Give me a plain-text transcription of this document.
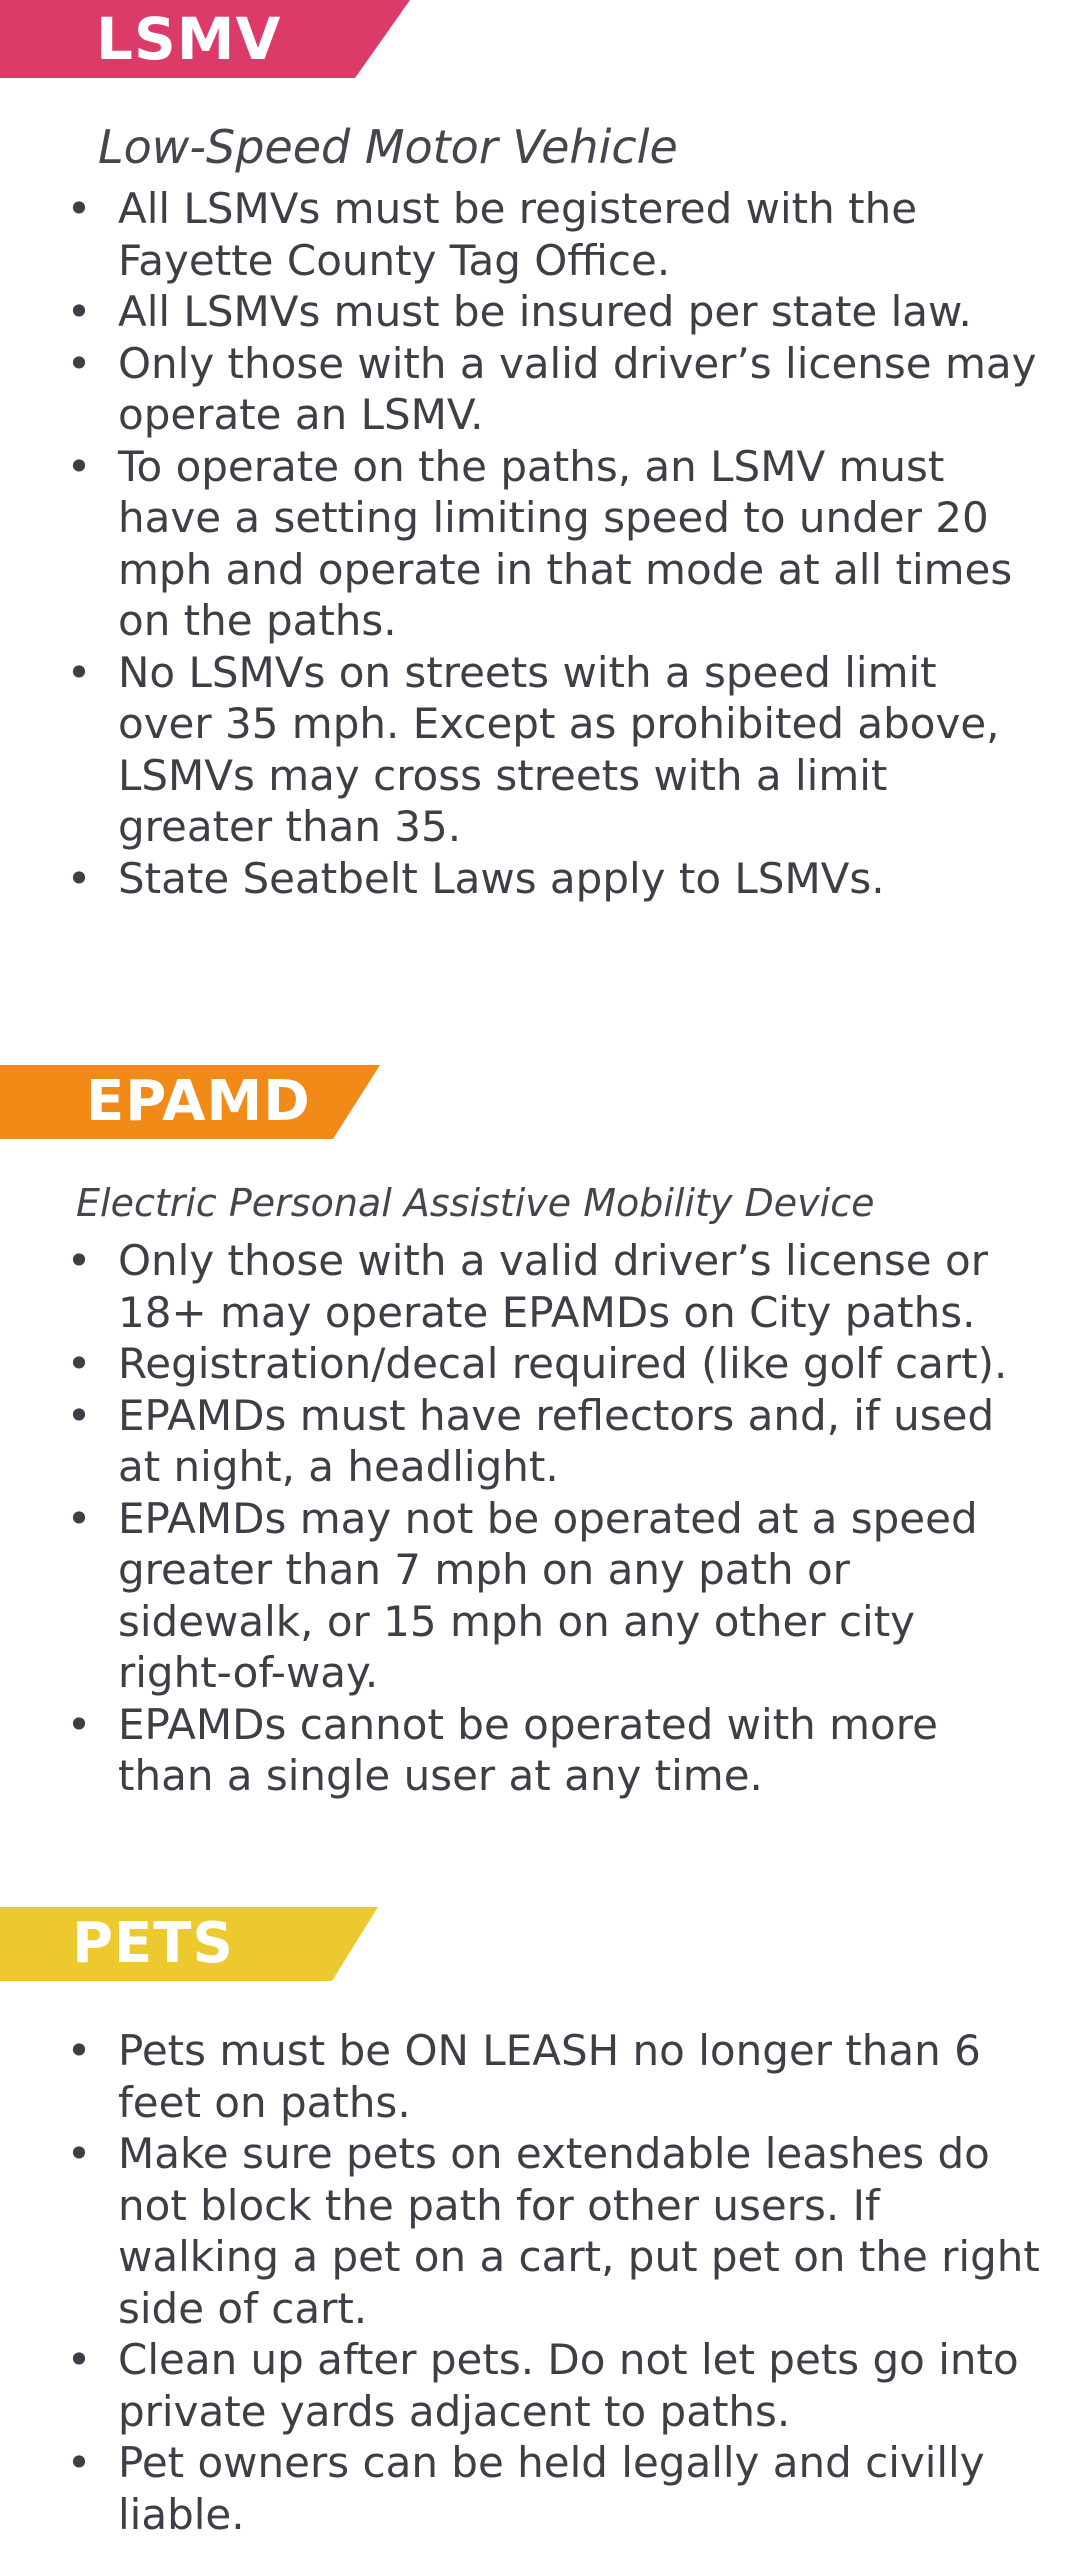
LSMV
Low-Speed Motor Vehicle
• All LSMVs must be registered with the Fayette County Tag Office.
• All LSMVs must be insured per state law.
• Only those with a valid driver’s license may operate an LSMV.
• To operate on the paths, an LSMV must have a setting limiting speed to under 20 mph and operate in that mode at all times on the paths.
• No LSMVs on streets with a speed limit over 35 mph. Except as prohibited above, LSMVs may cross streets with a limit greater than 35.
• State Seatbelt Laws apply to LSMVs.
EPAMD
Electric Personal Assistive Mobility Device
• Only those with a valid driver’s license or 18+ may operate EPAMDs on City paths.
• Registration/decal required (like golf cart).
• EPAMDs must have reflectors and, if used at night, a headlight.
• EPAMDs may not be operated at a speed greater than 7 mph on any path or sidewalk, or 15 mph on any other city right-of-way.
• EPAMDs cannot be operated with more than a single user at any time.
PETS
• Pets must be ON LEASH no longer than 6 feet on paths.
• Make sure pets on extendable leashes do not block the path for other users. If walking a pet on a cart, put pet on the right side of cart.
• Clean up after pets. Do not let pets go into private yards adjacent to paths.
• Pet owners can be held legally and civilly liable.
